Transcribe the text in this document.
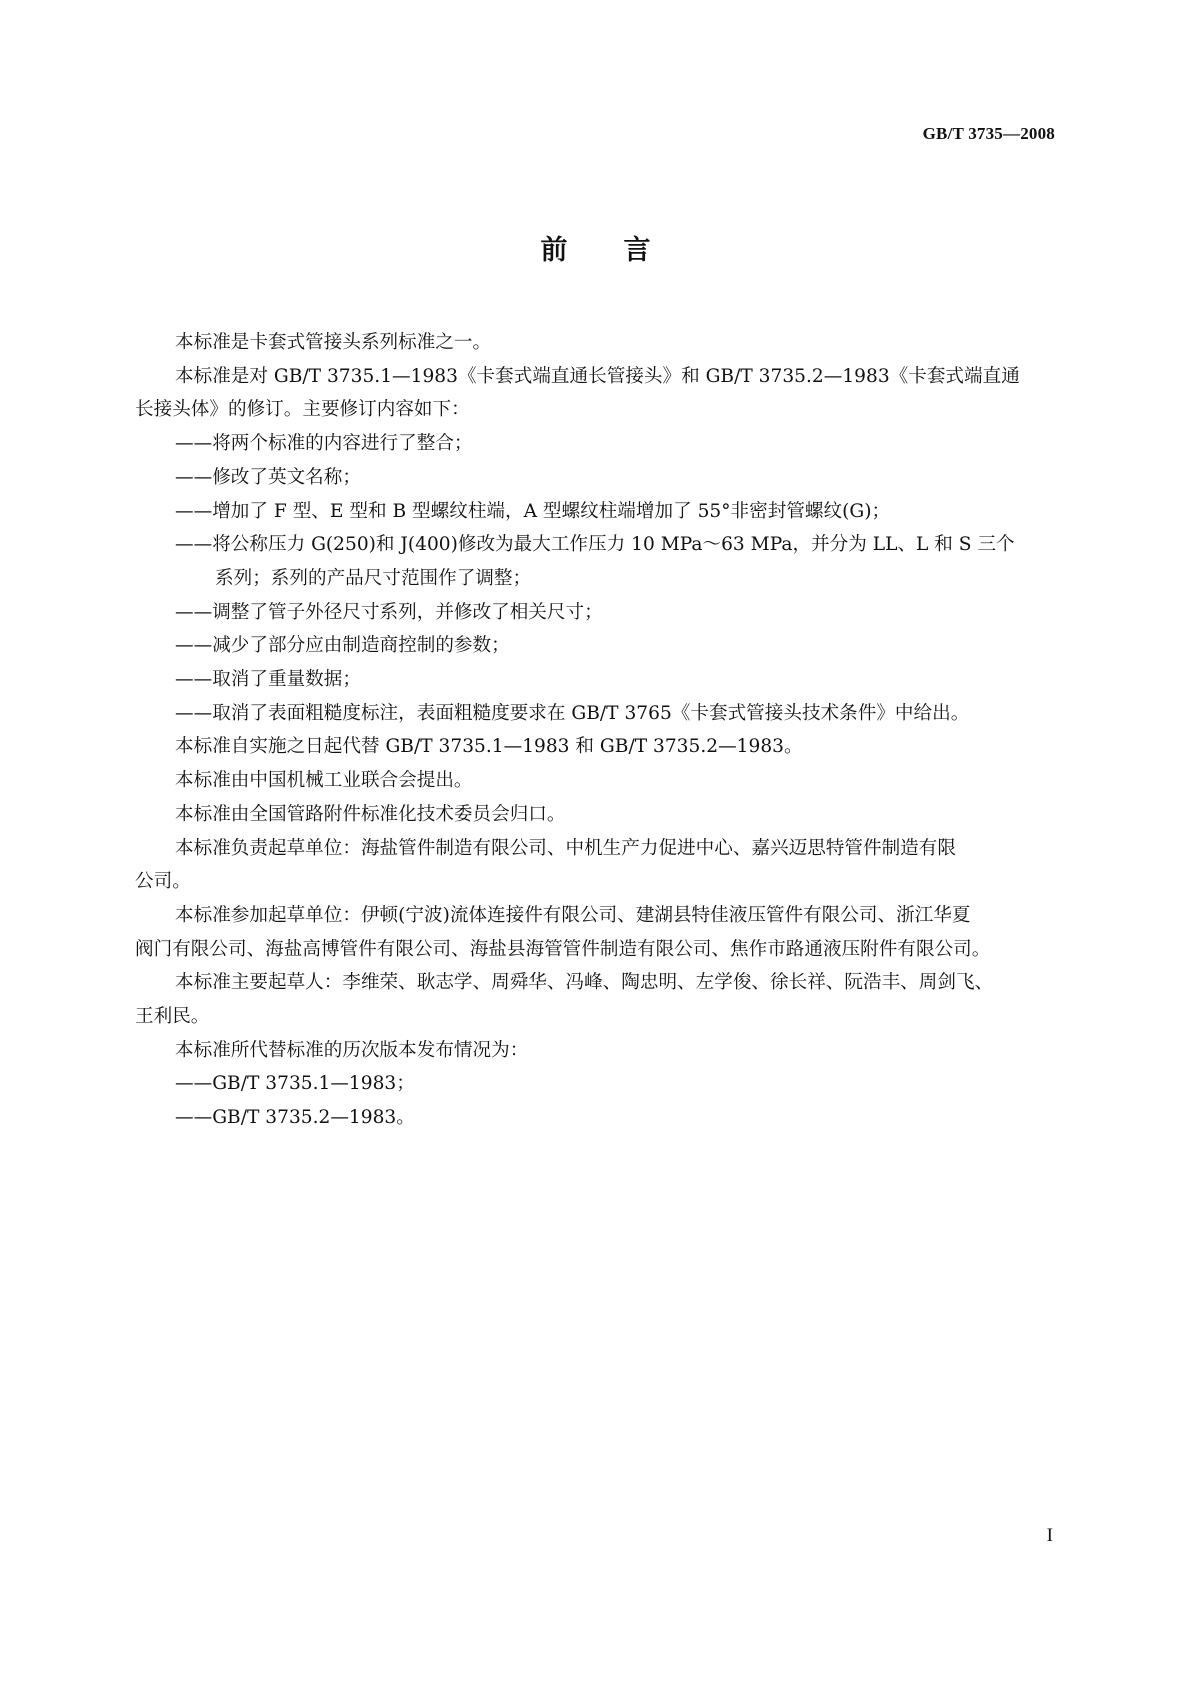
GB/T 3735—2008
前言
本标准是卡套式管接头系列标准之一。
本标准是对 GB/T 3735.1—1983《卡套式端直通长管接头》和 GB/T 3735.2—1983《卡套式端直通
长接头体》的修订。主要修订内容如下：
——将两个标准的内容进行了整合；
——修改了英文名称；
——增加了 F 型、E 型和 B 型螺纹柱端，A 型螺纹柱端增加了 55°非密封管螺纹(G)；
——将公称压力 G(250)和 J(400)修改为最大工作压力 10 MPa～63 MPa，并分为 LL、L 和 S 三个
系列；系列的产品尺寸范围作了调整；
——调整了管子外径尺寸系列，并修改了相关尺寸；
——减少了部分应由制造商控制的参数；
——取消了重量数据；
——取消了表面粗糙度标注，表面粗糙度要求在 GB/T 3765《卡套式管接头技术条件》中给出。
本标准自实施之日起代替 GB/T 3735.1—1983 和 GB/T 3735.2—1983。
本标准由中国机械工业联合会提出。
本标准由全国管路附件标准化技术委员会归口。
本标准负责起草单位：海盐管件制造有限公司、中机生产力促进中心、嘉兴迈思特管件制造有限
公司。
本标准参加起草单位：伊顿(宁波)流体连接件有限公司、建湖县特佳液压管件有限公司、浙江华夏
阀门有限公司、海盐高博管件有限公司、海盐县海管管件制造有限公司、焦作市路通液压附件有限公司。
本标准主要起草人：李维荣、耿志学、周舜华、冯峰、陶忠明、左学俊、徐长祥、阮浩丰、周剑飞、
王利民。
本标准所代替标准的历次版本发布情况为：
——GB/T 3735.1—1983；
——GB/T 3735.2—1983。
I
